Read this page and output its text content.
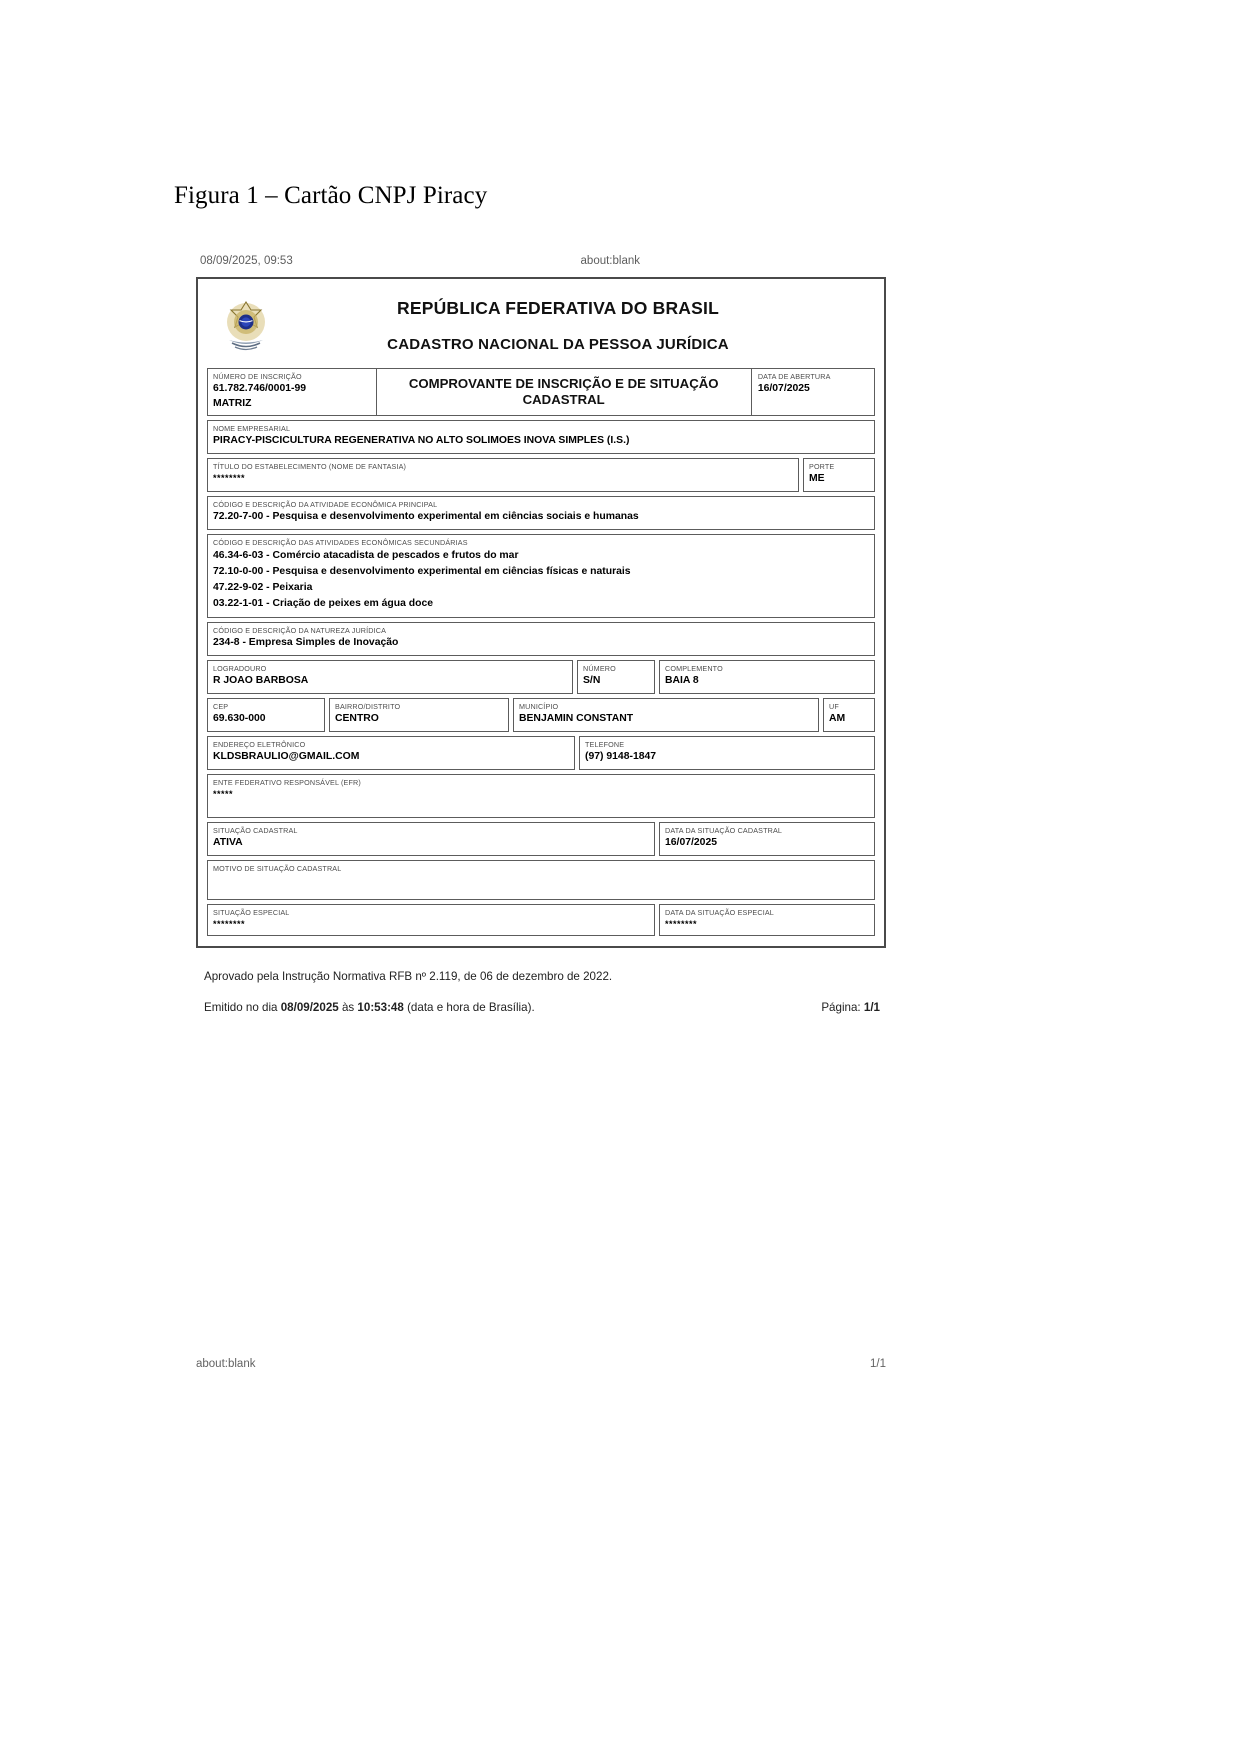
Figura 1 – Cartão CNPJ Piracy
08/09/2025, 09:53	about:blank
REPÚBLICA FEDERATIVA DO BRASIL
CADASTRO NACIONAL DA PESSOA JURÍDICA
NÚMERO DE INSCRIÇÃO
61.782.746/0001-99
MATRIZ
COMPROVANTE DE INSCRIÇÃO E DE SITUAÇÃO CADASTRAL
DATA DE ABERTURA
16/07/2025
NOME EMPRESARIAL
PIRACY-PISCICULTURA REGENERATIVA NO ALTO SOLIMOES INOVA SIMPLES (I.S.)
TÍTULO DO ESTABELECIMENTO (NOME DE FANTASIA)
********
PORTE
ME
CÓDIGO E DESCRIÇÃO DA ATIVIDADE ECONÔMICA PRINCIPAL
72.20-7-00 - Pesquisa e desenvolvimento experimental em ciências sociais e humanas
CÓDIGO E DESCRIÇÃO DAS ATIVIDADES ECONÔMICAS SECUNDÁRIAS
46.34-6-03 - Comércio atacadista de pescados e frutos do mar
72.10-0-00 - Pesquisa e desenvolvimento experimental em ciências físicas e naturais
47.22-9-02 - Peixaria
03.22-1-01 - Criação de peixes em água doce
CÓDIGO E DESCRIÇÃO DA NATUREZA JURÍDICA
234-8 - Empresa Simples de Inovação
LOGRADOURO
R JOAO BARBOSA
NÚMERO
S/N
COMPLEMENTO
BAIA 8
CEP
69.630-000
BAIRRO/DISTRITO
CENTRO
MUNICÍPIO
BENJAMIN CONSTANT
UF
AM
ENDEREÇO ELETRÔNICO
KLDSBRAULIO@GMAIL.COM
TELEFONE
(97) 9148-1847
ENTE FEDERATIVO RESPONSÁVEL (EFR)
*****
SITUAÇÃO CADASTRAL
ATIVA
DATA DA SITUAÇÃO CADASTRAL
16/07/2025
MOTIVO DE SITUAÇÃO CADASTRAL
SITUAÇÃO ESPECIAL
********
DATA DA SITUAÇÃO ESPECIAL
********
Aprovado pela Instrução Normativa RFB nº 2.119, de 06 de dezembro de 2022.
Emitido no dia 08/09/2025 às 10:53:48 (data e hora de Brasília).	Página: 1/1
about:blank	1/1
